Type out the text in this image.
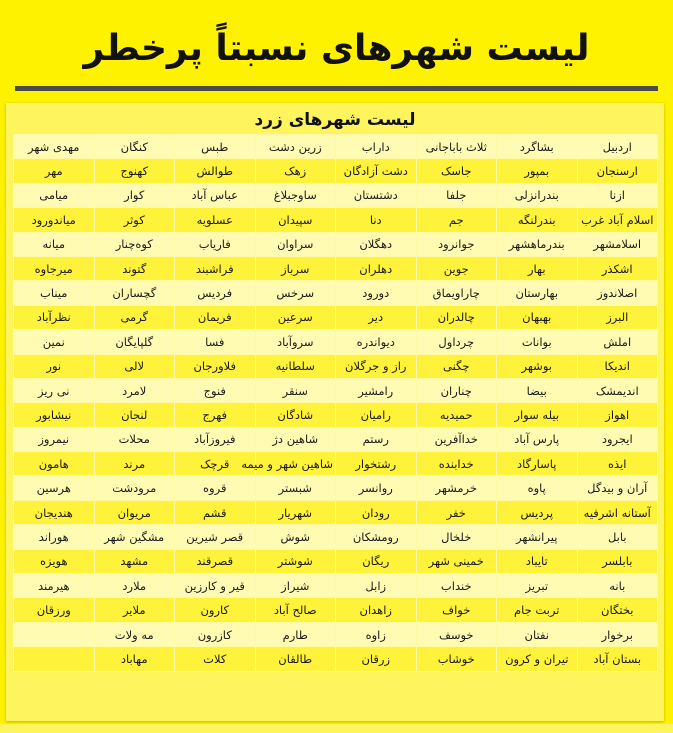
لیست شهرهای نسبتاً پرخطر
لیست شهرهای زرد
اردبیل	بشاگرد	ثلاث باباجانی	داراب	زرین دشت	طبس	کنگان	مهدی شهر
ارسنجان	بمپور	جاسک	دشت آزادگان	زهک	طوالش	کهنوج	مهر
ازنا	بندرانزلی	جلفا	دشتستان	ساوجبلاغ	عباس آباد	کوار	میامی
اسلام آباد غرب	بندرلنگه	جم	دنا	سپیدان	عسلویه	کوثر	میاندورود
اسلامشهر	بندرماهشهر	جوانرود	دهگلان	سراوان	فاریاب	کوه‌چنار	میانه
اشکذر	بهار	جوین	دهلران	سرباز	فراشبند	گتوند	میرجاوه
اصلاندوز	بهارستان	چاراویماق	دورود	سرخس	فردیس	گچساران	میناب
البرز	بهبهان	چالدران	دیر	سرعین	فریمان	گرمی	نظرآباد
املش	بوانات	چرداول	دیواندره	سروآباد	فسا	گلپایگان	نمین
اندیکا	بوشهر	چگنی	راز و جرگلان	سلطانیه	فلاورجان	لالی	نور
اندیمشک	بیضا	چناران	رامشیر	سنقر	فنوج	لامرد	نی ریز
اهواز	بیله سوار	حمیدیه	رامیان	شادگان	فهرج	لنجان	نیشابور
ایجرود	پارس آباد	خداآفرین	رستم	شاهین دژ	فیروزآباد	محلات	نیمروز
ایذه	پاسارگاد	خدابنده	رشتخوار	شاهین شهر و میمه	قرچک	مرند	هامون
آران و بیدگل	پاوه	خرمشهر	روانسر	شبستر	قروه	مرودشت	هرسین
آستانه اشرفیه	پردیس	خفر	رودان	شهریار	قشم	مریوان	هندیجان
بابل	پیرانشهر	خلخال	رومشکان	شوش	قصر شیرین	مشگین شهر	هوراند
بابلسر	تایباد	خمینی شهر	ریگان	شوشتر	قصرقند	مشهد	هویزه
بانه	تبریز	خنداب	زابل	شیراز	قیر و کارزین	ملارد	هیرمند
بختگان	تربت جام	خواف	زاهدان	صالح آباد	کارون	ملایر	ورزقان
برخوار	نفتان	خوسف	زاوه	طارم	کازرون	مه ولات	
بستان آباد	تیران و کرون	خوشاب	زرقان	طالقان	کلات	مهاباد	
